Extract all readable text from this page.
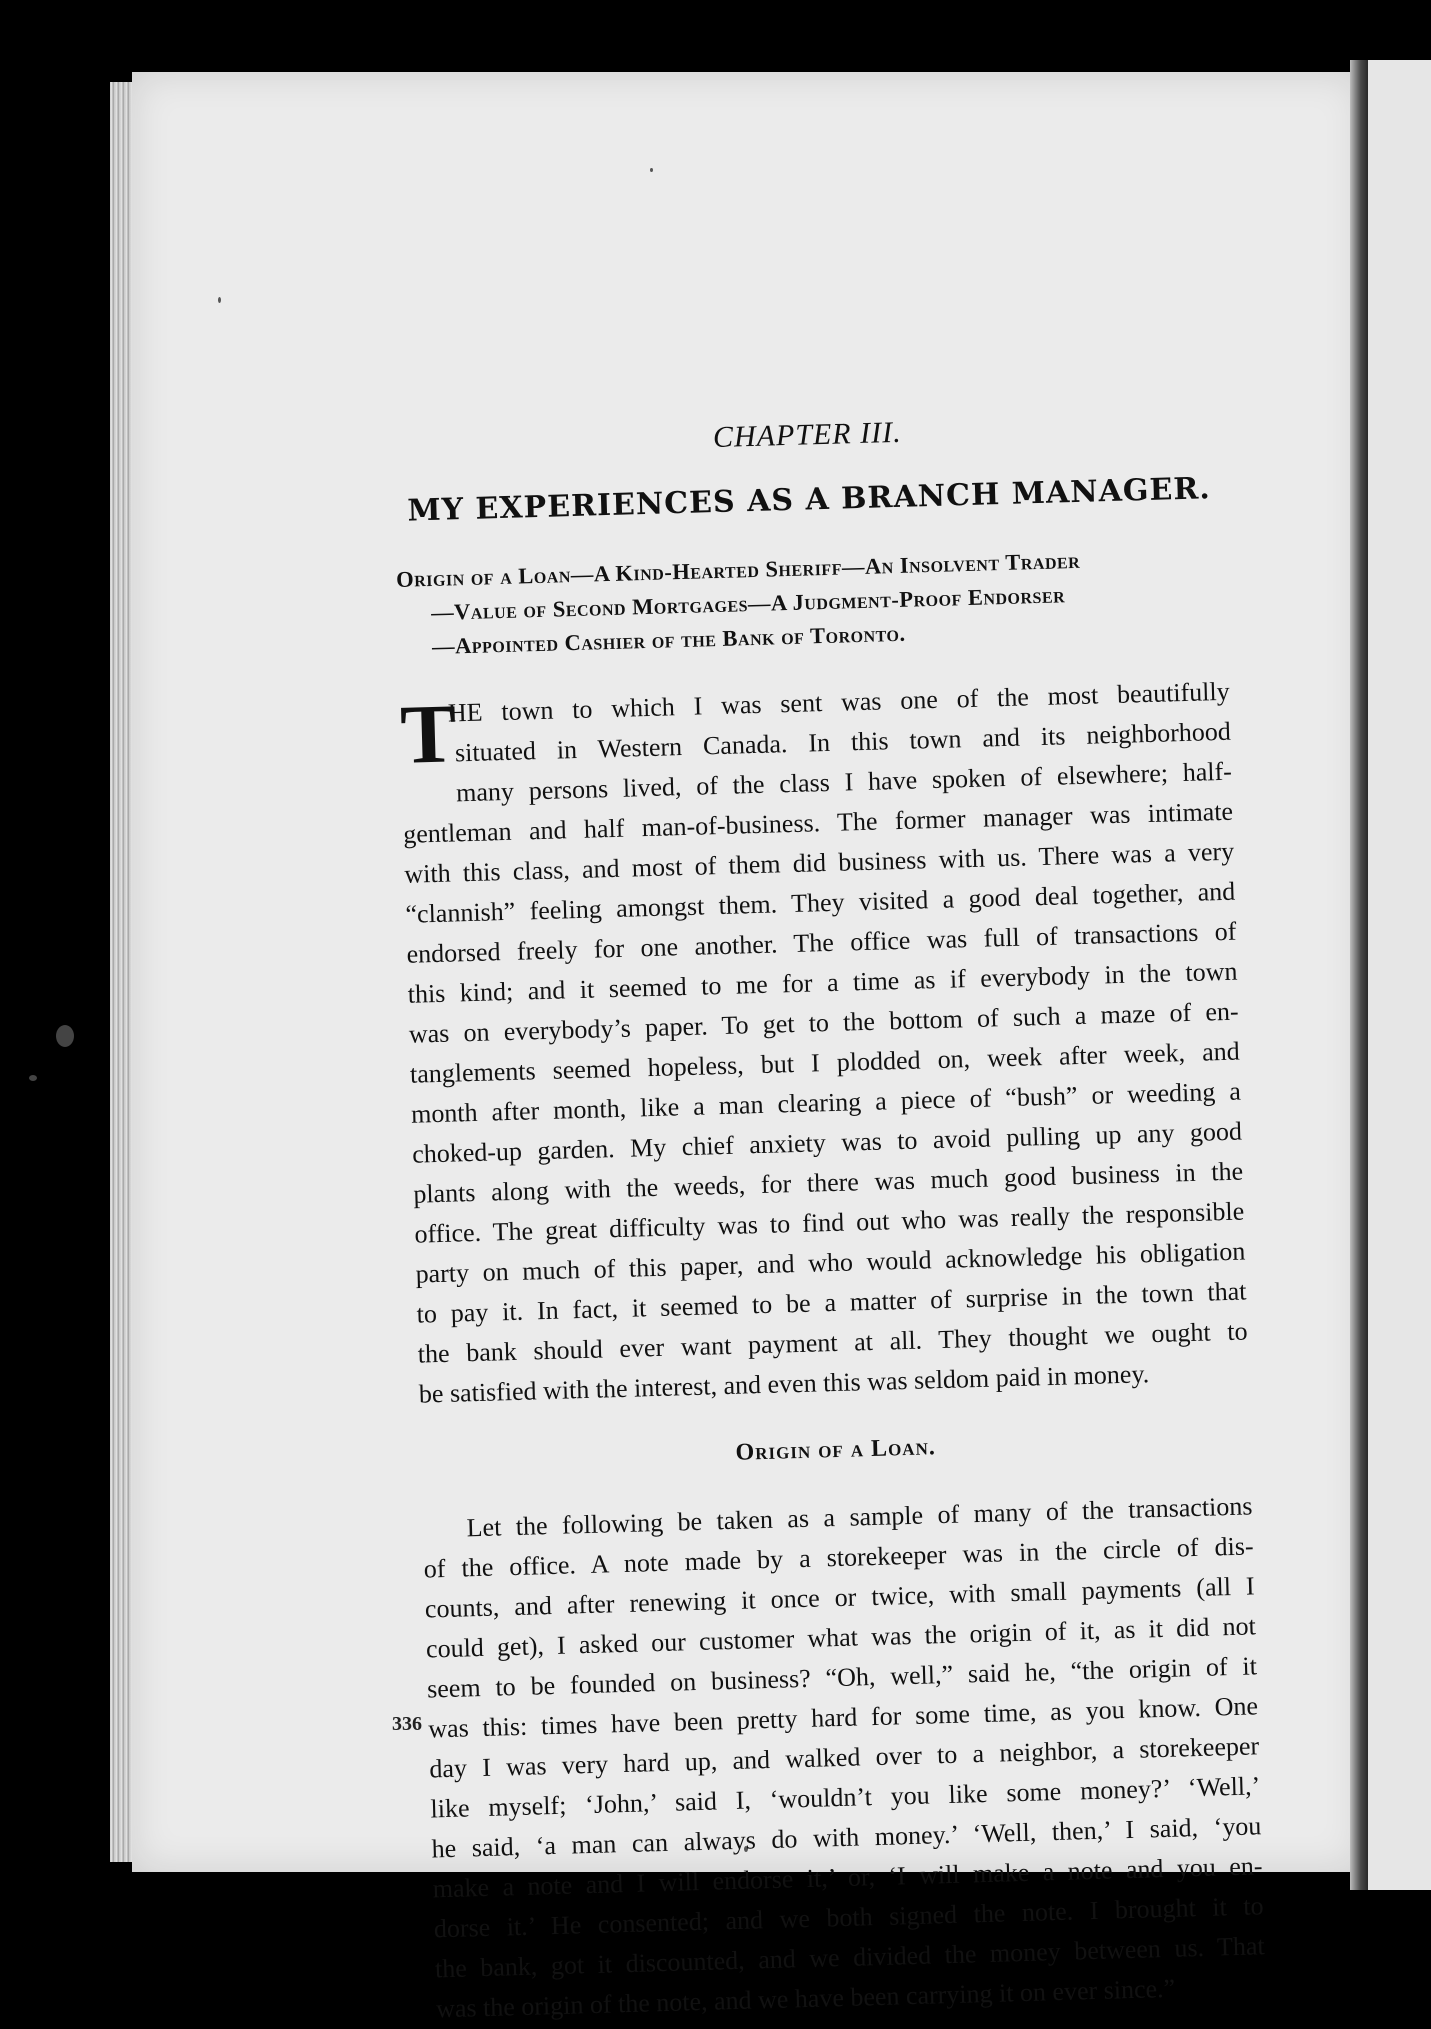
CHAPTER III.
MY EXPERIENCES AS A BRANCH MANAGER.
Origin of a Loan—A Kind-Hearted Sheriff—An Insolvent Trader
—Value of Second Mortgages—A Judgment-Proof Endorser
—Appointed Cashier of the Bank of Toronto.
T
HE town to which I was sent was one of the most beautifully
situated in Western Canada. In this town and its neighborhood
many persons lived, of the class I have spoken of elsewhere; half-
gentleman and half man-of-business. The former manager was intimate
with this class, and most of them did business with us. There was a very
“clannish” feeling amongst them. They visited a good deal together, and
endorsed freely for one another. The office was full of transactions of
this kind; and it seemed to me for a time as if everybody in the town
was on everybody’s paper. To get to the bottom of such a maze of en-
tanglements seemed hopeless, but I plodded on, week after week, and
month after month, like a man clearing a piece of “bush” or weeding a
choked-up garden. My chief anxiety was to avoid pulling up any good
plants along with the weeds, for there was much good business in the
office. The great difficulty was to find out who was really the responsible
party on much of this paper, and who would acknowledge his obligation
to pay it. In fact, it seemed to be a matter of surprise in the town that
the bank should ever want payment at all. They thought we ought to
be satisfied with the interest, and even this was seldom paid in money.
Origin of a Loan.
Let the following be taken as a sample of many of the transactions
of the office. A note made by a storekeeper was in the circle of dis-
counts, and after renewing it once or twice, with small payments (all I
could get), I asked our customer what was the origin of it, as it did not
seem to be founded on business? “Oh, well,” said he, “the origin of it
was this: times have been pretty hard for some time, as you know. One
day I was very hard up, and walked over to a neighbor, a storekeeper
like myself; ‘John,’ said I, ‘wouldn’t you like some money?’ ‘Well,’
he said, ‘a man can always do with money.’ ‘Well, then,’ I said, ‘you
make a note and I will endorse it,’ or, ‘I will make a note and you en-
dorse it.’ He consented; and we both signed the note. I brought it to
the bank, got it discounted, and we divided the money between us. That
was the origin of the note, and we have been carrying it on ever since.”
336
